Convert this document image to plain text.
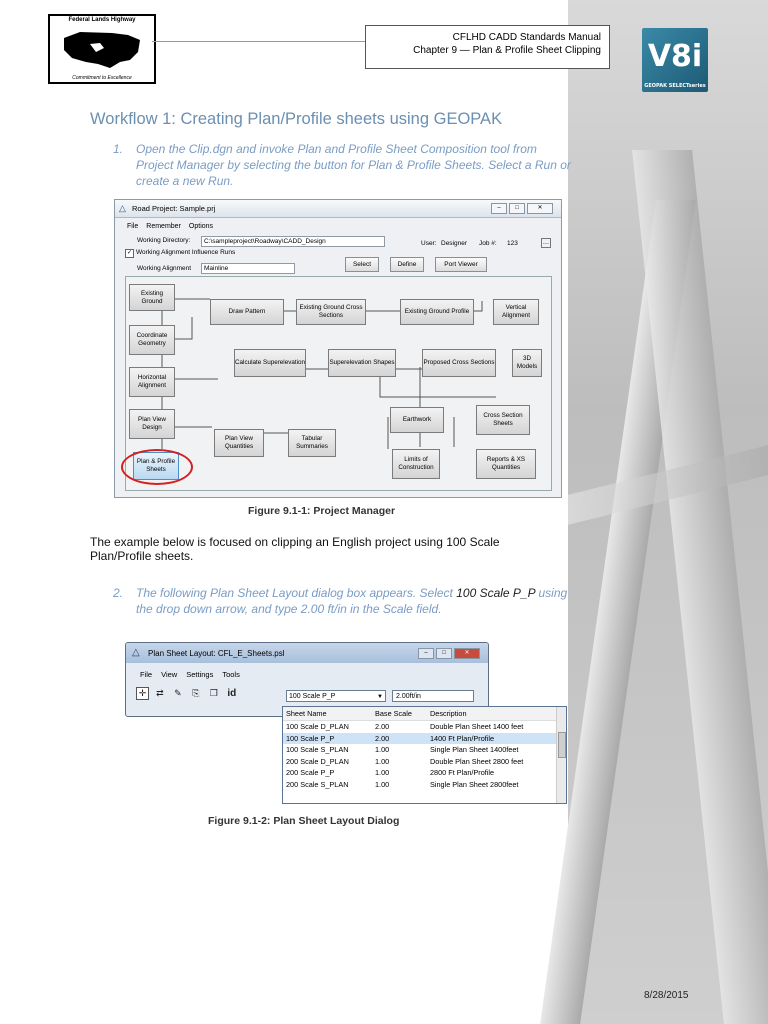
Federal Lands Highway
Commitment to Excellence
CFLHD CADD Standards Manual
Chapter 9 — Plan & Profile Sheet Clipping V8i
GEOPAK SELECTseries
Workflow 1: Creating Plan/Profile sheets using GEOPAK
1. Open the Clip.dgn and invoke Plan and Profile Sheet Composition tool from Project Manager by selecting the button for Plan & Profile Sheets. Select a Run or create a new Run.
△ Road Project: Sample.prj	– □	✕
File Remember Options
Working Directory:	C:\sampleproject\Roadway\CADD_Design	User: Designer Job #: 123	…
✓ Working Alignment Influence Runs
Working Alignment	Mainline
Select	Define	Port Viewer
Existing Ground
Draw Pattern
Existing Ground Cross Sections
Existing Ground Profile
Vertical Alignment
Coordinate Geometry
Calculate Superelevation	Superelevation Shapes	Proposed Cross Sections
3D Models
Horizontal Alignment
Plan View Design
Earthwork
Cross Section Sheets
Plan View Quantities
Tabular Summaries
Limits of Construction
Reports & XS Quantities
Plan & Profile Sheets
Figure 9.1-1: Project Manager
The example below is focused on clipping an English project using 100 Scale Plan/Profile sheets.
2. The following Plan Sheet Layout dialog box appears. Select 100 Scale P_P using the drop down arrow, and type 2.00 ft/in in the Scale field.
△ Plan Sheet Layout: CFL_E_Sheets.psl	– □	✕
File View Settings Tools
✛ ⇄ ✎ ⎘ ❐ id	100 Scale P_P	▼	2.00ft/in
Sheet Name	Base Scale	Description
100 Scale D_PLAN	2.00	Double Plan Sheet 1400 feet
100 Scale P_P	2.00	1400 Ft Plan/Profile
100 Scale S_PLAN	1.00	Single Plan Sheet 1400feet
200 Scale D_PLAN	1.00	Double Plan Sheet 2800 feet
200 Scale P_P	1.00	2800 Ft Plan/Profile
200 Scale S_PLAN	1.00	Single Plan Sheet 2800feet
Figure 9.1-2: Plan Sheet Layout Dialog
8/28/2015
